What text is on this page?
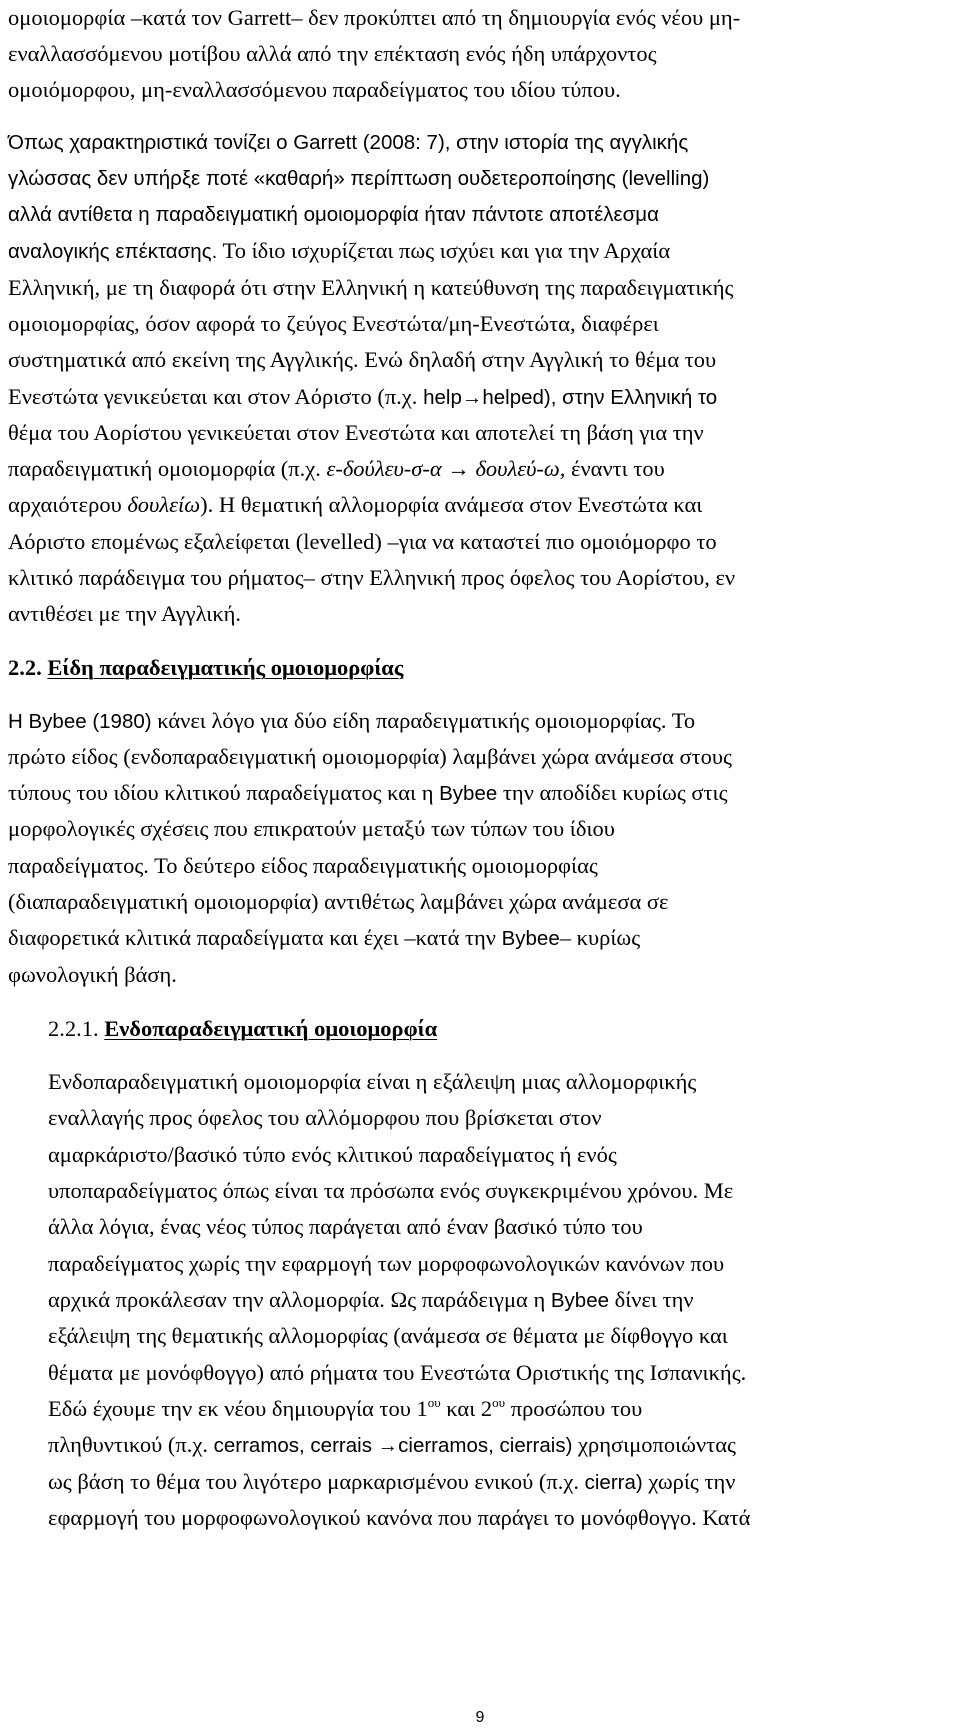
ομοιομορφία –κατά τον Garrett– δεν προκύπτει από τη δημιουργία ενός νέου μη-
εναλλασσόμενου μοτίβου αλλά από την επέκταση ενός ήδη υπάρχοντος
ομοιόμορφου, μη-εναλλασσόμενου παραδείγματος του ιδίου τύπου.
Όπως χαρακτηριστικά τονίζει ο Garrett (2008: 7), στην ιστορία της αγγλικής
γλώσσας δεν υπήρξε ποτέ «καθαρή» περίπτωση ουδετεροποίησης (levelling)
αλλά αντίθετα η παραδειγματική ομοιομορφία ήταν πάντοτε αποτέλεσμα
αναλογικής επέκτασης. Το ίδιο ισχυρίζεται πως ισχύει και για την Αρχαία
Ελληνική, με τη διαφορά ότι στην Ελληνική η κατεύθυνση της παραδειγματικής
ομοιομορφίας, όσον αφορά το ζεύγος Ενεστώτα/μη-Ενεστώτα, διαφέρει
συστηματικά από εκείνη της Αγγλικής. Ενώ δηλαδή στην Αγγλική το θέμα του
Ενεστώτα γενικεύεται και στον Αόριστο (π.χ. help→helped), στην Ελληνική το
θέμα του Αορίστου γενικεύεται στον Ενεστώτα και αποτελεί τη βάση για την
παραδειγματική ομοιομορφία (π.χ. ε-δούλευ-σ-α → δουλεύ-ω, έναντι του
αρχαιότερου δουλείω). Η θεματική αλλομορφία ανάμεσα στον Ενεστώτα και
Αόριστο επομένως εξαλείφεται (levelled) –για να καταστεί πιο ομοιόμορφο το
κλιτικό παράδειγμα του ρήματος– στην Ελληνική προς όφελος του Αορίστου, εν
αντιθέσει με την Αγγλική.
2.2. Είδη παραδειγματικής ομοιομορφίας
Η Bybee (1980) κάνει λόγο για δύο είδη παραδειγματικής ομοιομορφίας. Το
πρώτο είδος (ενδοπαραδειγματική ομοιομορφία) λαμβάνει χώρα ανάμεσα στους
τύπους του ιδίου κλιτικού παραδείγματος και η Bybee την αποδίδει κυρίως στις
μορφολογικές σχέσεις που επικρατούν μεταξύ των τύπων του ίδιου
παραδείγματος. Το δεύτερο είδος παραδειγματικής ομοιομορφίας
(διαπαραδειγματική ομοιομορφία) αντιθέτως λαμβάνει χώρα ανάμεσα σε
διαφορετικά κλιτικά παραδείγματα και έχει –κατά την Bybee– κυρίως
φωνολογική βάση.
2.2.1. Ενδοπαραδειγματική ομοιομορφία
Ενδοπαραδειγματική ομοιομορφία είναι η εξάλειψη μιας αλλομορφικής
εναλλαγής προς όφελος του αλλόμορφου που βρίσκεται στον
αμαρκάριστο/βασικό τύπο ενός κλιτικού παραδείγματος ή ενός
υποπαραδείγματος όπως είναι τα πρόσωπα ενός συγκεκριμένου χρόνου. Με
άλλα λόγια, ένας νέος τύπος παράγεται από έναν βασικό τύπο του
παραδείγματος χωρίς την εφαρμογή των μορφοφωνολογικών κανόνων που
αρχικά προκάλεσαν την αλλομορφία. Ως παράδειγμα η Bybee δίνει την
εξάλειψη της θεματικής αλλομορφίας (ανάμεσα σε θέματα με δίφθογγο και
θέματα με μονόφθογγο) από ρήματα του Ενεστώτα Οριστικής της Ισπανικής.
Εδώ έχουμε την εκ νέου δημιουργία του $1^{o\upsilon}$ και $2^{o\upsilon}$ προσώπου του
πληθυντικού (π.χ. cerramos, cerrais →cierramos, cierrais) χρησιμοποιώντας
ως βάση το θέμα του λιγότερο μαρκαρισμένου ενικού (π.χ. cierra) χωρίς την
εφαρμογή του μορφοφωνολογικού κανόνα που παράγει το μονόφθογγο. Κατά
9
